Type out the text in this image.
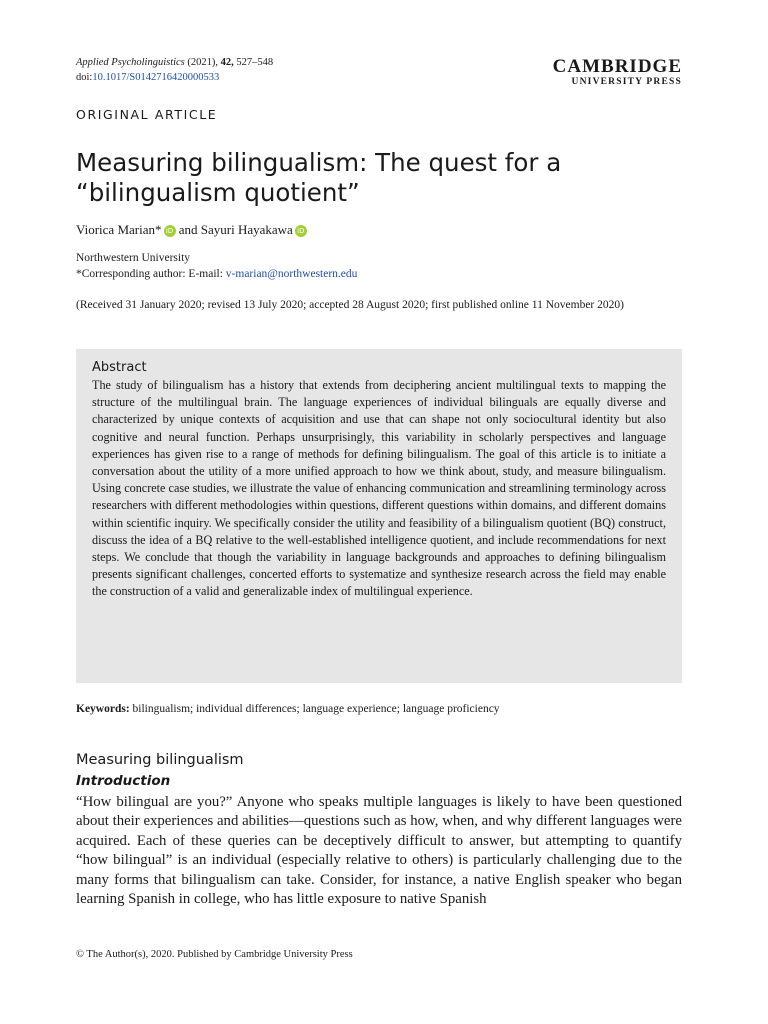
Applied Psycholinguistics (2021), 42, 527–548
doi:10.1017/S0142716420000533
CAMBRIDGE
UNIVERSITY PRESS
ORIGINAL ARTICLE
Measuring bilingualism: The quest for a “bilingualism quotient”
Viorica Marian* iD and Sayuri Hayakawa iD
Northwestern University
*Corresponding author: E-mail: v-marian@northwestern.edu
(Received 31 January 2020; revised 13 July 2020; accepted 28 August 2020; first published online 11 November 2020)
Abstract

The study of bilingualism has a history that extends from deciphering ancient multilingual texts to mapping the structure of the multilingual brain. The language experiences of individual bilinguals are equally diverse and characterized by unique contexts of acquisition and use that can shape not only sociocultural identity but also cognitive and neural function. Perhaps unsurprisingly, this variability in scholarly perspectives and language experiences has given rise to a range of methods for defining bilingualism. The goal of this article is to initiate a conversation about the utility of a more unified approach to how we think about, study, and measure bilingualism. Using concrete case studies, we illustrate the value of enhancing communication and streamlining terminology across researchers with different methodologies within questions, different questions within domains, and different domains within scientific inquiry. We specifically consider the utility and feasibility of a bilingualism quotient (BQ) construct, discuss the idea of a BQ relative to the well-established intelligence quotient, and include recommendations for next steps. We conclude that though the variability in language backgrounds and approaches to defining bilingualism presents significant challenges, concerted efforts to systematize and synthesize research across the field may enable the construction of a valid and generalizable index of multilingual experience.

Keywords: bilingualism; individual differences; language experience; language proficiency
Measuring bilingualism
Introduction

“How bilingual are you?” Anyone who speaks multiple languages is likely to have been questioned about their experiences and abilities—questions such as how, when, and why different languages were acquired. Each of these queries can be deceptively difficult to answer, but attempting to quantify “how bilingual” is an individual (especially relative to others) is particularly challenging due to the many forms that bilingualism can take. Consider, for instance, a native English speaker who began learning Spanish in college, who has little exposure to native Spanish

© The Author(s), 2020. Published by Cambridge University Press
